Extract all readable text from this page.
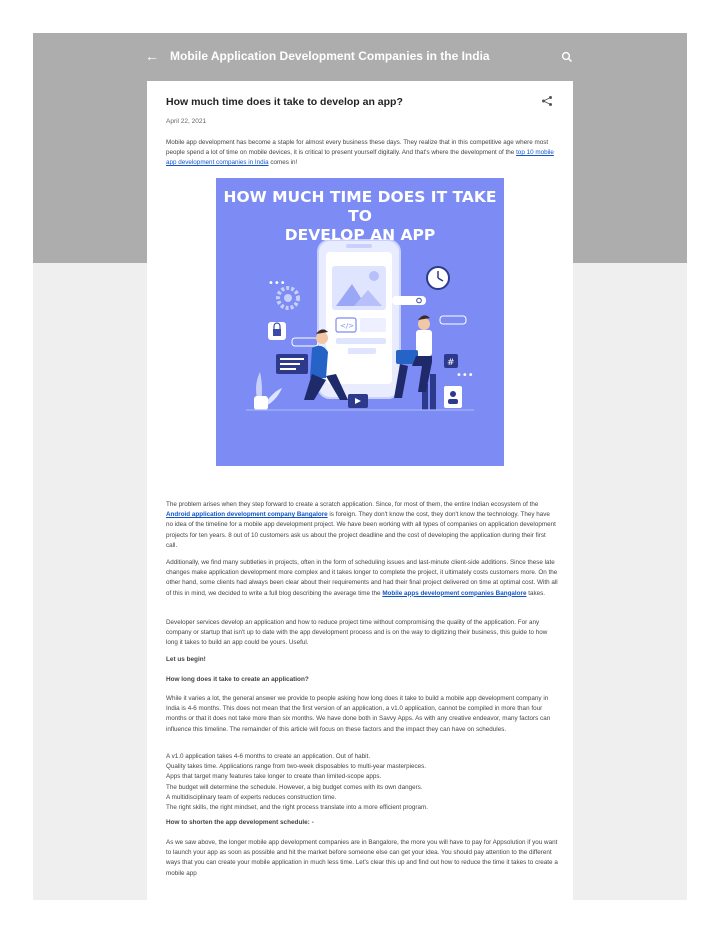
← Mobile Application Development Companies in the India
How much time does it take to develop an app?
April 22, 2021

Mobile app development has become a staple for almost every business these days. They realize that in this competitive age where most people spend a lot of time on mobile devices, it is critical to present yourself digitally. And that's where the development of the top 10 mobile app development companies in India comes in!

</>
•••
•••
#
HOW MUCH TIME DOES IT TAKE TO
DEVELOP AN APP

The problem arises when they step forward to create a scratch application. Since, for most of them, the entire Indian ecosystem of the Android application development company Bangalore is foreign. They don't know the cost, they don't know the technology. They have no idea of the timeline for a mobile app development project. We have been working with all types of companies on application development projects for ten years. 8 out of 10 customers ask us about the project deadline and the cost of developing the application during their first call.

Additionally, we find many subtleties in projects, often in the form of scheduling issues and last-minute client-side additions. Since these late changes make application development more complex and it takes longer to complete the project, it ultimately costs customers more. On the other hand, some clients had always been clear about their requirements and had their final project delivered on time at optimal cost. With all of this in mind, we decided to write a full blog describing the average time the Mobile apps development companies Bangalore takes.

Developer services develop an application and how to reduce project time without compromising the quality of the application. For any company or startup that isn't up to date with the app development process and is on the way to digitizing their business, this guide to how long it takes to build an app could be yours. Useful.

Let us begin!

How long does it take to create an application?

While it varies a lot, the general answer we provide to people asking how long does it take to build a mobile app development company in India is 4-6 months. This does not mean that the first version of an application, a v1.0 application, cannot be compiled in more than four months or that it does not take more than six months. We have done both in Savvy Apps. As with any creative endeavor, many factors can influence this timeline. The remainder of this article will focus on these factors and the impact they can have on schedules.

A v1.0 application takes 4-6 months to create an application. Out of habit.
Quality takes time. Applications range from two-week disposables to multi-year masterpieces.
Apps that target many features take longer to create than limited-scope apps.
The budget will determine the schedule. However, a big budget comes with its own dangers.
A multidisciplinary team of experts reduces construction time.
The right skills, the right mindset, and the right process translate into a more efficient program.

How to shorten the app development schedule: -

As we saw above, the longer mobile app development companies are in Bangalore, the more you will have to pay for Appsolution if you want to launch your app as soon as possible and hit the market before someone else can get your idea. You should pay attention to the different ways that you can create your mobile application in much less time. Let's clear this up and find out how to reduce the time it takes to create a mobile app
